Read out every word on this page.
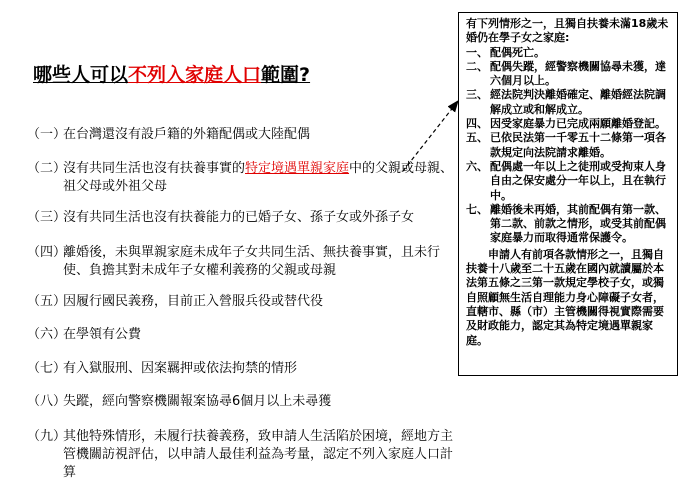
哪些人可以不列入家庭人口範圍?
（一）
在台灣還沒有設戶籍的外籍配偶或大陸配偶
（二）
沒有共同生活也沒有扶養事實的特定境遇單親家庭中的父親或母親、祖父母或外祖父母
（三）
沒有共同生活也沒有扶養能力的已婚子女、孫子女或外孫子女
（四）
離婚後，未與單親家庭未成年子女共同生活、無扶養事實，且未行使、負擔其對未成年子女權利義務的父親或母親
（五）
因履行國民義務，目前正入營服兵役或替代役
（六）
在學領有公費
（七）
有入獄服刑、因案羈押或依法拘禁的情形
（八）
失蹤，經向警察機關報案協尋6個月以上未尋獲
（九）
其他特殊情形，未履行扶養義務，致申請人生活陷於困境，經地方主管機關訪視評估，以申請人最佳利益為考量，認定不列入家庭人口計算

有下列情形之一，且獨自扶養未滿18歲未婚仍在學子女之家庭:

一、 配偶死亡。

二、 配偶失蹤，經警察機關協尋未獲，達六個月以上。

三、 經法院判決離婚確定、離婚經法院調解成立或和解成立。

四、 因受家庭暴力已完成兩願離婚登記。

五、 已依民法第一千零五十二條第一項各款規定向法院請求離婚。

六、 配偶處一年以上之徒刑或受拘束人身自由之保安處分一年以上，且在執行中。

七、 離婚後未再婚，其前配偶有第一款、第二款、前款之情形，或受其前配偶家庭暴力而取得通常保護令。

申請人有前項各款情形之一，且獨自扶養十八歲至二十五歲在國內就讀屬於本法第五條之三第一款規定學校子女，或獨自照顧無生活自理能力身心障礙子女者，直轄市、縣（市）主管機關得視實際需要及財政能力，認定其為特定境遇單親家庭。
